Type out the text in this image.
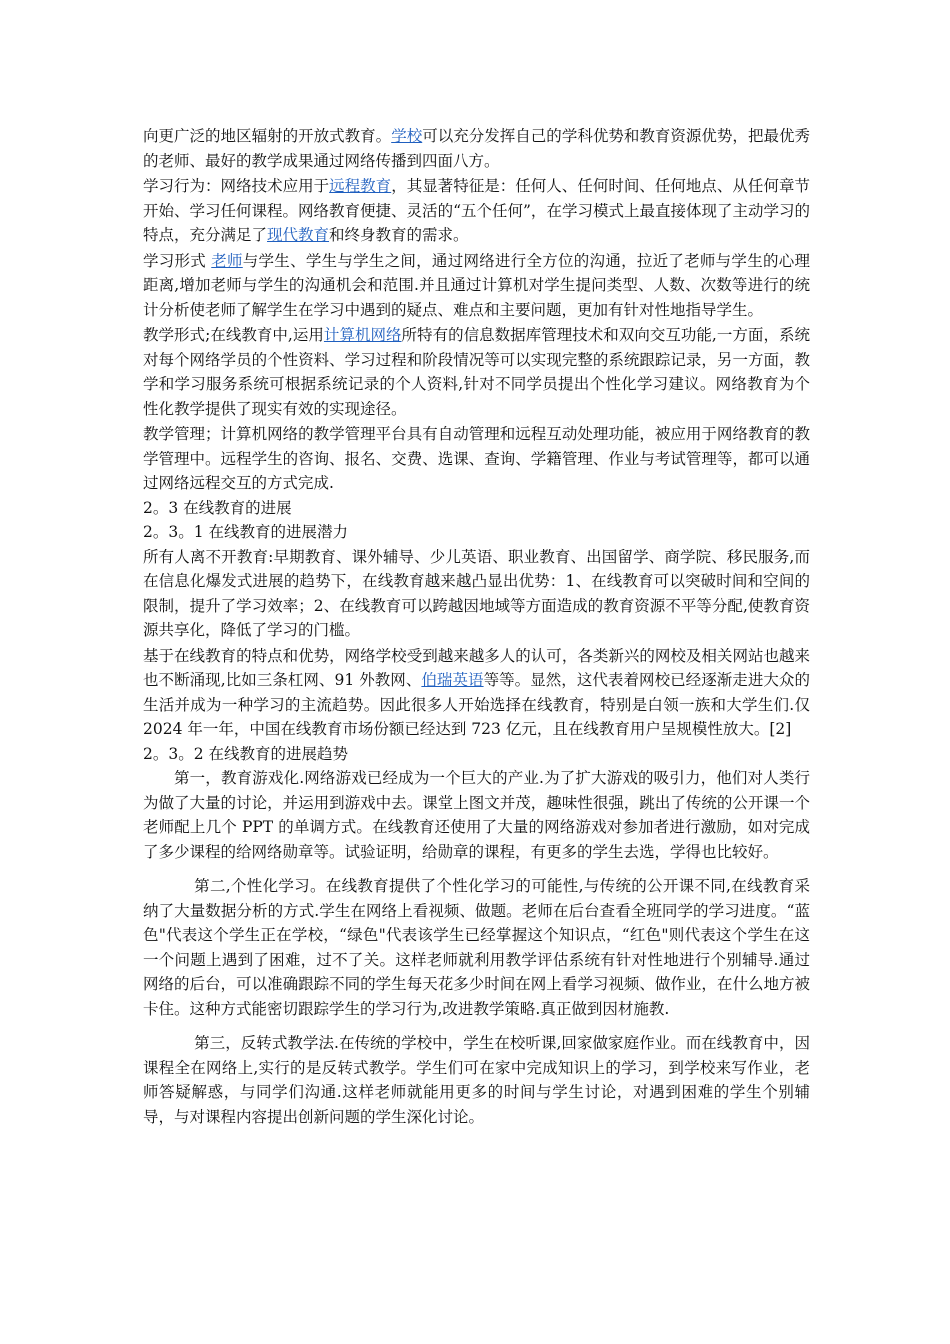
向更广泛的地区辐射的开放式教育。学校可以充分发挥自己的学科优势和教育资源优势，把最优秀的老师、最好的教学成果通过网络传播到四面八方。

学习行为：网络技术应用于远程教育，其显著特征是：任何人、任何时间、任何地点、从任何章节开始、学习任何课程。网络教育便捷、灵活的“五个任何”，在学习模式上最直接体现了主动学习的特点，充分满足了现代教育和终身教育的需求。

学习形式 老师与学生、学生与学生之间，通过网络进行全方位的沟通，拉近了老师与学生的心理距离,增加老师与学生的沟通机会和范围.并且通过计算机对学生提问类型、人数、次数等进行的统计分析使老师了解学生在学习中遇到的疑点、难点和主要问题，更加有针对性地指导学生。

教学形式;在线教育中,运用计算机网络所特有的信息数据库管理技术和双向交互功能,一方面，系统对每个网络学员的个性资料、学习过程和阶段情况等可以实现完整的系统跟踪记录，另一方面，教学和学习服务系统可根据系统记录的个人资料,针对不同学员提出个性化学习建议。网络教育为个性化教学提供了现实有效的实现途径。

教学管理；计算机网络的教学管理平台具有自动管理和远程互动处理功能，被应用于网络教育的教学管理中。远程学生的咨询、报名、交费、选课、查询、学籍管理、作业与考试管理等，都可以通过网络远程交互的方式完成.

2。3 在线教育的进展

2。3。1 在线教育的进展潜力

所有人离不开教育:早期教育、课外辅导、少儿英语、职业教育、出国留学、商学院、移民服务,而在信息化爆发式进展的趋势下，在线教育越来越凸显出优势：1、在线教育可以突破时间和空间的限制，提升了学习效率；2、在线教育可以跨越因地域等方面造成的教育资源不平等分配,使教育资源共享化，降低了学习的门槛。

基于在线教育的特点和优势，网络学校受到越来越多人的认可，各类新兴的网校及相关网站也越来也不断涌现,比如三条杠网、91 外教网、伯瑞英语等等。显然，这代表着网校已经逐渐走进大众的生活并成为一种学习的主流趋势。因此很多人开始选择在线教育，特别是白领一族和大学生们.仅 2024 年一年，中国在线教育市场份额已经达到 723 亿元，且在线教育用户呈规模性放大。[2]

2。3。2 在线教育的进展趋势

第一，教育游戏化.网络游戏已经成为一个巨大的产业.为了扩大游戏的吸引力，他们对人类行为做了大量的讨论，并运用到游戏中去。课堂上图文并茂，趣味性很强，跳出了传统的公开课一个老师配上几个 PPT 的单调方式。在线教育还使用了大量的网络游戏对参加者进行激励，如对完成了多少课程的给网络勋章等。试验证明，给勋章的课程，有更多的学生去选，学得也比较好。

第二,个性化学习。在线教育提供了个性化学习的可能性,与传统的公开课不同,在线教育采纳了大量数据分析的方式.学生在网络上看视频、做题。老师在后台查看全班同学的学习进度。“蓝色"代表这个学生正在学校，“绿色"代表该学生已经掌握这个知识点，“红色"则代表这个学生在这一个问题上遇到了困难，过不了关。这样老师就利用教学评估系统有针对性地进行个别辅导.通过网络的后台，可以准确跟踪不同的学生每天花多少时间在网上看学习视频、做作业，在什么地方被卡住。这种方式能密切跟踪学生的学习行为,改进教学策略.真正做到因材施教.

第三，反转式教学法.在传统的学校中，学生在校听课,回家做家庭作业。而在线教育中，因课程全在网络上,实行的是反转式教学。学生们可在家中完成知识上的学习，到学校来写作业，老师答疑解惑，与同学们沟通.这样老师就能用更多的时间与学生讨论，对遇到困难的学生个别辅导，与对课程内容提出创新问题的学生深化讨论。
